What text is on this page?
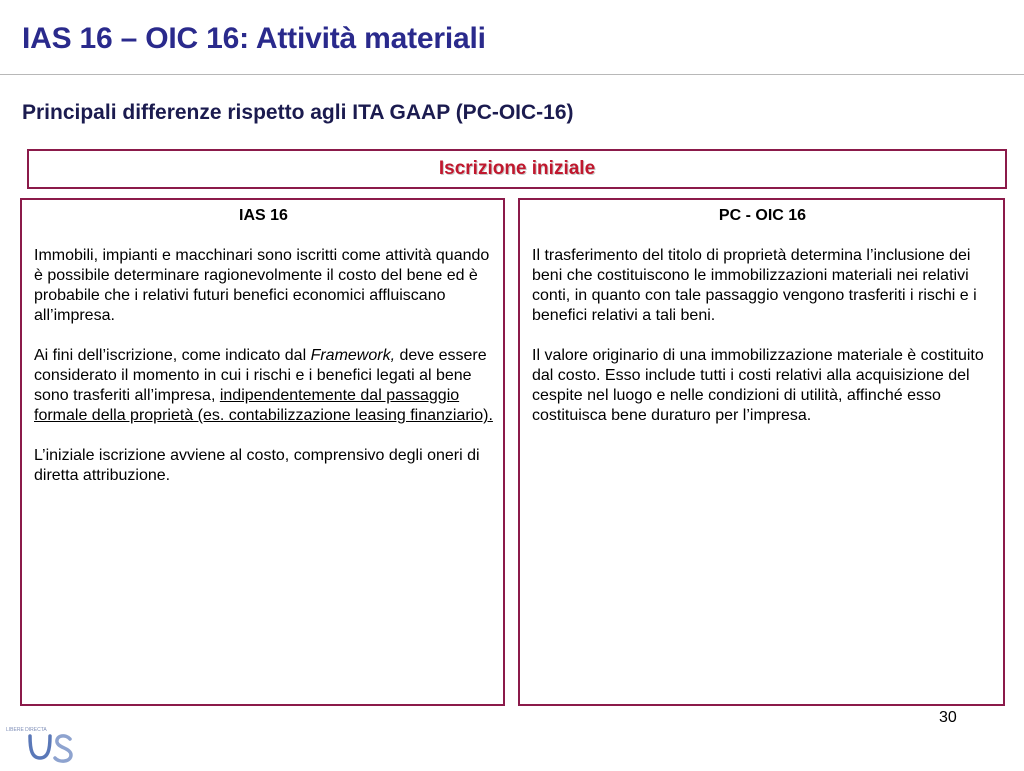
IAS 16 – OIC 16: Attività materiali
Principali differenze rispetto agli ITA GAAP (PC-OIC-16)
Iscrizione iniziale
IAS 16

Immobili, impianti e macchinari sono iscritti come attività quando è possibile determinare ragionevolmente il costo del bene ed è probabile che i relativi futuri benefici economici affluiscano all’impresa.

Ai fini dell’iscrizione, come indicato dal Framework, deve essere considerato il momento in cui i rischi e i benefici legati al bene sono trasferiti all’impresa, indipendentemente dal passaggio formale della proprietà (es. contabilizzazione leasing finanziario).

L’iniziale iscrizione avviene al costo, comprensivo degli oneri di diretta attribuzione.

PC - OIC 16

Il trasferimento del titolo di proprietà determina l’inclusione dei beni che costituiscono le immobilizzazioni materiali nei relativi conti, in quanto con tale passaggio vengono trasferiti i rischi e i benefici relativi a tali beni.

Il valore originario di una immobilizzazione materiale è costituito dal costo. Esso include tutti i costi relativi alla acquisizione del cespite nel luogo e nelle condizioni di utilità, affinché esso costituisca bene duraturo per l’impresa.

30
LIBERE DIRECTA
